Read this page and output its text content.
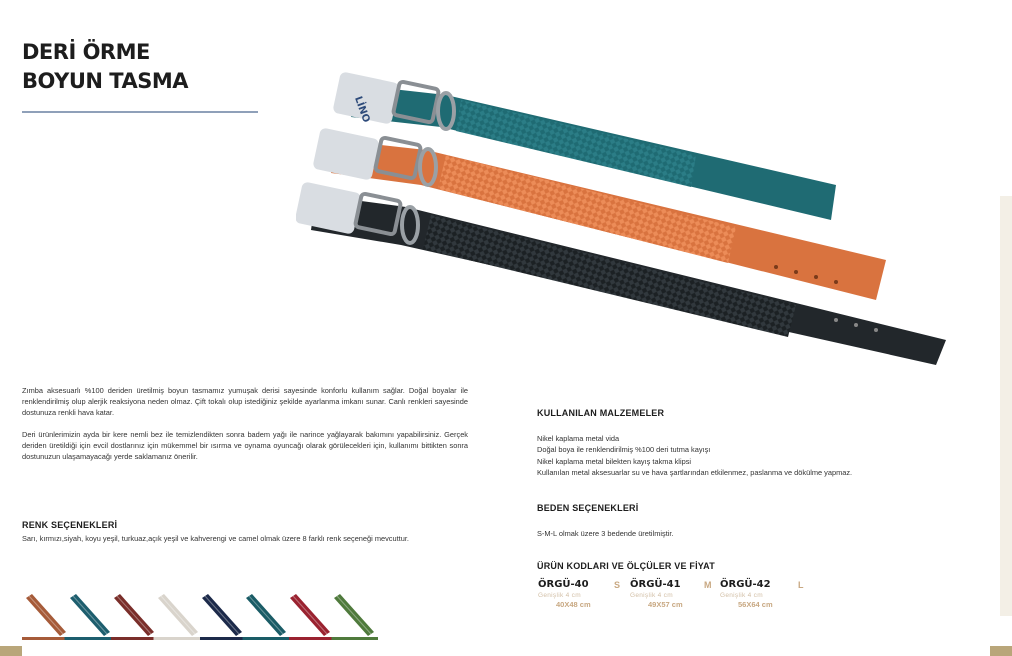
DERİ ÖRME
BOYUN TASMA
LİNO

Zımba aksesuarlı %100 deriden üretilmiş boyun tasmamız yumuşak derisi sayesinde konforlu kullanım sağlar. Doğal boyalar ile renklendirilmiş olup alerjik reaksiyona neden olmaz. Çift tokalı olup istediğiniz şekilde ayarlanma imkanı sunar. Canlı renkleri sayesinde dostunuza renkli hava katar.

Deri ürünlerimizin ayda bir kere nemli bez ile temizlendikten sonra badem yağı ile narince yağlayarak bakımını yapabilirsiniz. Gerçek deriden üretildiği için evcil dostlarınız için mükemmel bir ısırma ve oynama oyuncağı olarak görülecekleri için, kullanımı bittikten sonra dostunuzun ulaşamayacağı yerde saklamanız önerilir.

RENK SEÇENEKLERİ
Sarı, kırmızı,siyah, koyu yeşil, turkuaz,açık yeşil ve kahverengi ve camel olmak üzere 8 farklı renk seçeneği mevcuttur.
KULLANILAN MALZEMELER
Nikel kaplama metal vida
Doğal boya ile renklendirilmiş %100 deri tutma kayışı
Nikel kaplama metal bilekten kayış takma klipsi
Kullanılan metal aksesuarlar su ve hava şartlarından etkilenmez, paslanma ve dökülme yapmaz.
BEDEN SEÇENEKLERİ
S-M-L olmak üzere 3 bedende üretilmiştir.
ÜRÜN KODLARI VE ÖLÇÜLER VE FİYAT
ÖRGÜ-40	S
Genişlik 4 cm
40X48 cm
ÖRGÜ-41	M
Genişlik 4 cm
49X57 cm
ÖRGÜ-42	L
Genişlik 4 cm
56X64 cm
